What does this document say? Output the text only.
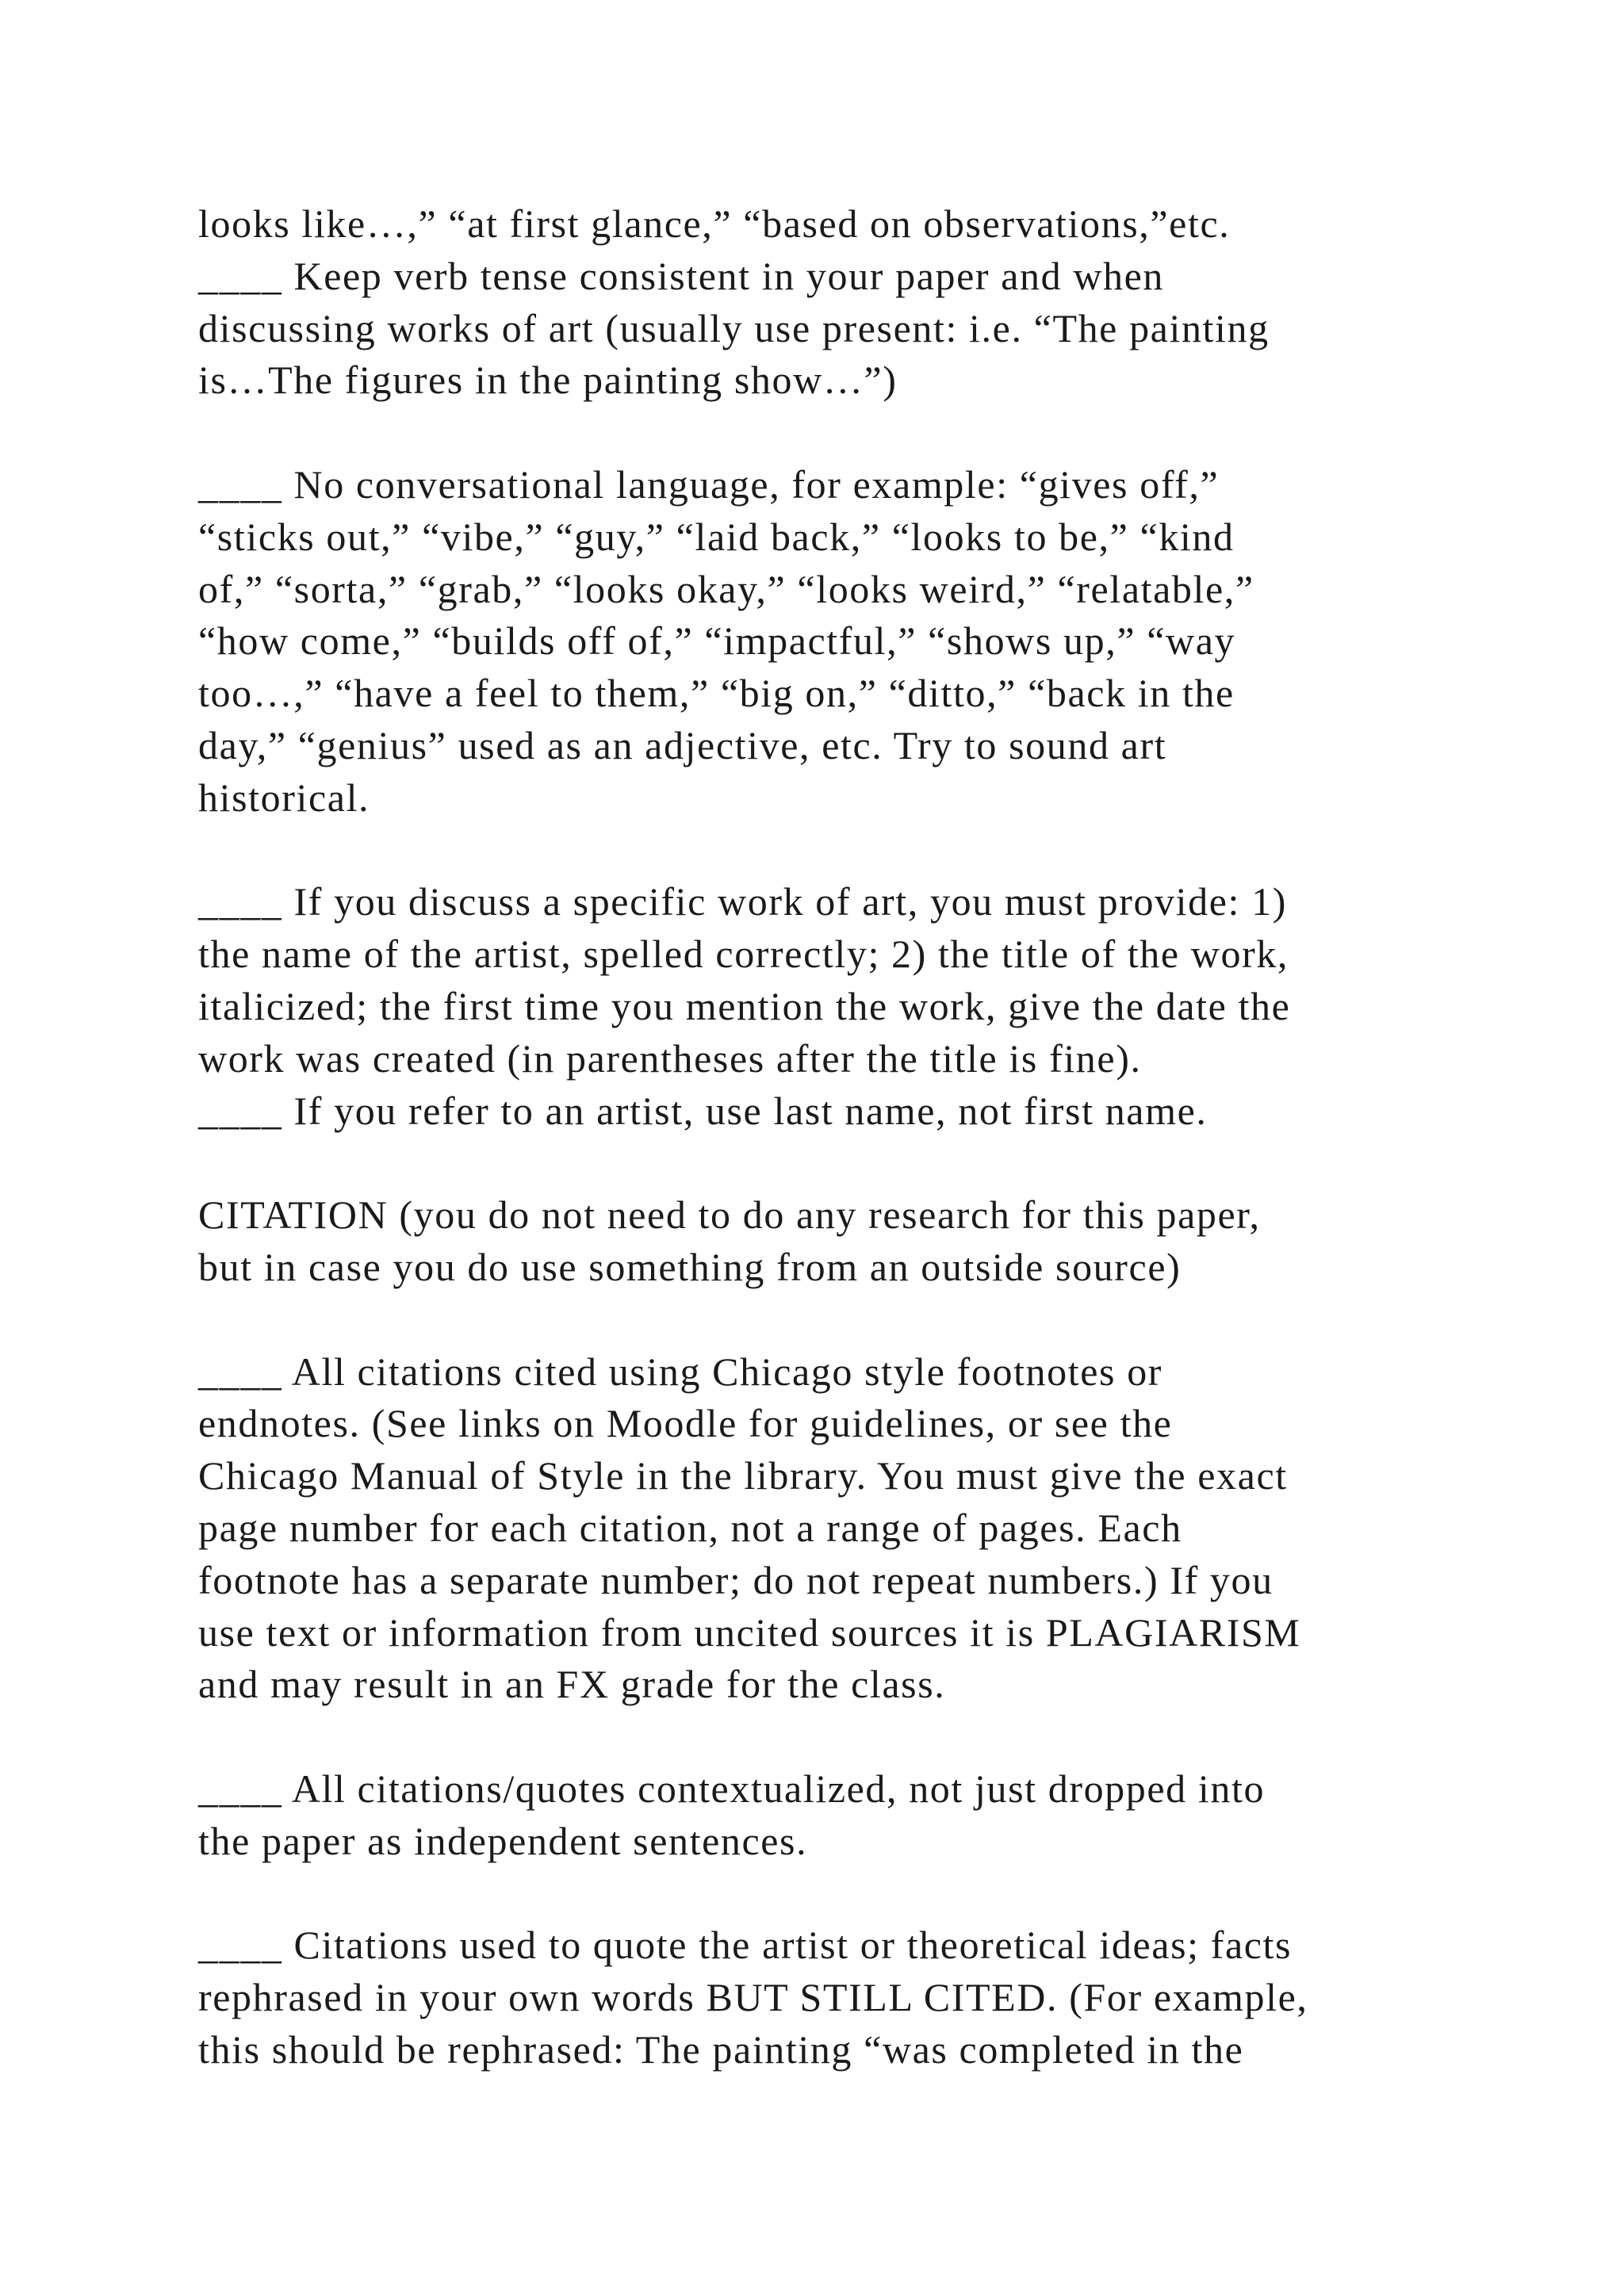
looks like…,” “at first glance,” “based on observations,”etc.
____ Keep verb tense consistent in your paper and when
discussing works of art (usually use present: i.e. “The painting
is…The figures in the painting show…”)
____ No conversational language, for example: “gives off,”
“sticks out,” “vibe,” “guy,” “laid back,” “looks to be,” “kind
of,” “sorta,” “grab,” “looks okay,” “looks weird,” “relatable,”
“how come,” “builds off of,” “impactful,” “shows up,” “way
too…,” “have a feel to them,” “big on,” “ditto,” “back in the
day,” “genius” used as an adjective, etc. Try to sound art
historical.
____ If you discuss a specific work of art, you must provide: 1)
the name of the artist, spelled correctly; 2) the title of the work,
italicized; the first time you mention the work, give the date the
work was created (in parentheses after the title is fine).
____ If you refer to an artist, use last name, not first name.
CITATION (you do not need to do any research for this paper,
but in case you do use something from an outside source)
____ All citations cited using Chicago style footnotes or
endnotes. (See links on Moodle for guidelines, or see the
Chicago Manual of Style in the library. You must give the exact
page number for each citation, not a range of pages. Each
footnote has a separate number; do not repeat numbers.) If you
use text or information from uncited sources it is PLAGIARISM
and may result in an FX grade for the class.
____ All citations/quotes contextualized, not just dropped into
the paper as independent sentences.
____ Citations used to quote the artist or theoretical ideas; facts
rephrased in your own words BUT STILL CITED. (For example,
this should be rephrased: The painting “was completed in the
